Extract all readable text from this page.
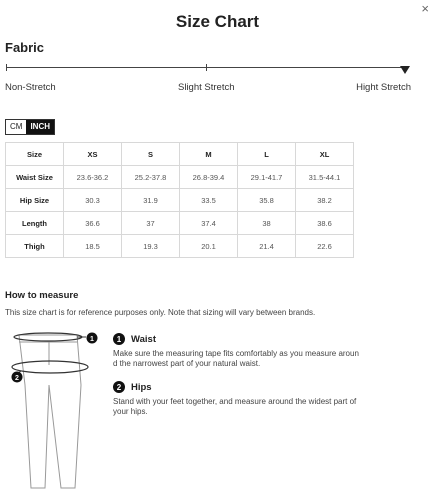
×
Size Chart
Fabric
Non-Stretch	Slight Stretch	Hight Stretch
CM	INCH
Size	XS	S	M	L	XL
Waist Size	23.6-36.2	25.2-37.8	26.8-39.4	29.1-41.7	31.5-44.1
Hip Size	30.3	31.9	33.5	35.8	38.2
Length	36.6	37	37.4	38	38.6
Thigh	18.5	19.3	20.1	21.4	22.6
How to measure
This size chart is for reference purposes only. Note that sizing will vary between brands.
1
2
1	Waist
Make sure the measuring tape fits comfortably as you measure aroun
d the narrowest part of your natural waist.
2	Hips
Stand with your feet together, and measure around the widest part of
your hips.
